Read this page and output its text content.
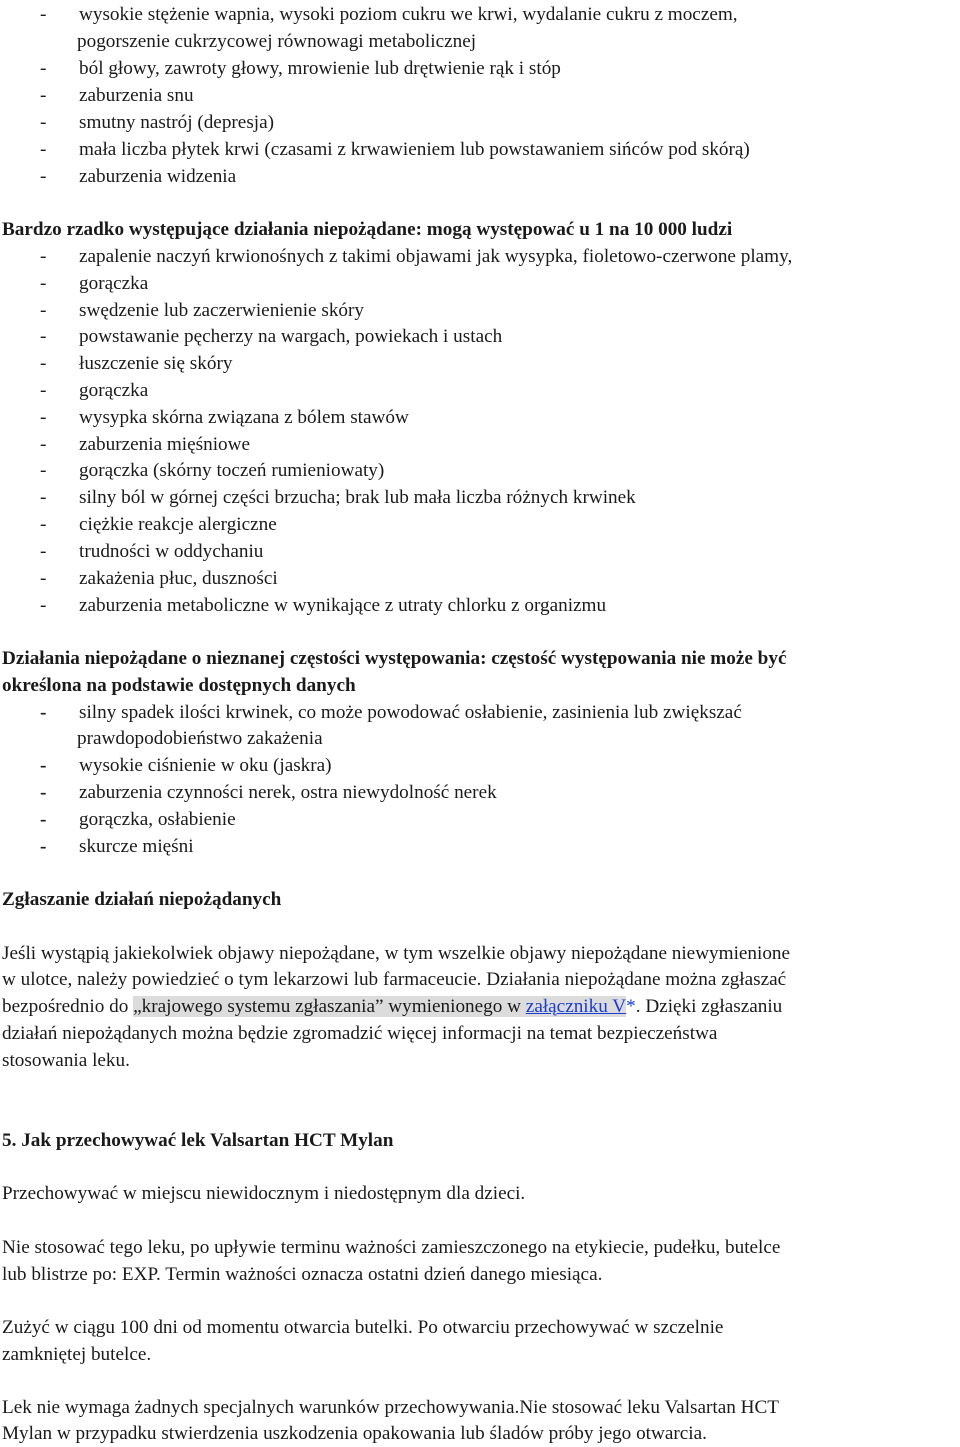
- wysokie stężenie wapnia, wysoki poziom cukru we krwi, wydalanie cukru z moczem,
pogorszenie cukrzycowej równowagi metabolicznej
- ból głowy, zawroty głowy, mrowienie lub drętwienie rąk i stóp
- zaburzenia snu
- smutny nastrój (depresja)
- mała liczba płytek krwi (czasami z krwawieniem lub powstawaniem sińców pod skórą)
- zaburzenia widzenia
Bardzo rzadko występujące działania niepożądane: mogą występować u 1 na 10 000 ludzi
- zapalenie naczyń krwionośnych z takimi objawami jak wysypka, fioletowo-czerwone plamy,
- gorączka
- swędzenie lub zaczerwienienie skóry
- powstawanie pęcherzy na wargach, powiekach i ustach
- łuszczenie się skóry
- gorączka
- wysypka skórna związana z bólem stawów
- zaburzenia mięśniowe
- gorączka (skórny toczeń rumieniowaty)
- silny ból w górnej części brzucha; brak lub mała liczba różnych krwinek
- ciężkie reakcje alergiczne
- trudności w oddychaniu
- zakażenia płuc, duszności
- zaburzenia metaboliczne w wynikające z utraty chlorku z organizmu
Działania niepożądane o nieznanej częstości występowania: częstość występowania nie może być
określona na podstawie dostępnych danych
- silny spadek ilości krwinek, co może powodować osłabienie, zasinienia lub zwiększać
prawdopodobieństwo zakażenia
- wysokie ciśnienie w oku (jaskra)
- zaburzenia czynności nerek, ostra niewydolność nerek
- gorączka, osłabienie
- skurcze mięśni
Zgłaszanie działań niepożądanych
Jeśli wystąpią jakiekolwiek objawy niepożądane, w tym wszelkie objawy niepożądane niewymienione
w ulotce, należy powiedzieć o tym lekarzowi lub farmaceucie. Działania niepożądane można zgłaszać
bezpośrednio do „krajowego systemu zgłaszania” wymienionego w załączniku V*. Dzięki zgłaszaniu
działań niepożądanych można będzie zgromadzić więcej informacji na temat bezpieczeństwa
stosowania leku.
5. Jak przechowywać lek Valsartan HCT Mylan
Przechowywać w miejscu niewidocznym i niedostępnym dla dzieci.
Nie stosować tego leku, po upływie terminu ważności zamieszczonego na etykiecie, pudełku, butelce
lub blistrze po: EXP. Termin ważności oznacza ostatni dzień danego miesiąca.
Zużyć w ciągu 100 dni od momentu otwarcia butelki. Po otwarciu przechowywać w szczelnie
zamkniętej butelce.
Lek nie wymaga żadnych specjalnych warunków przechowywania.Nie stosować leku Valsartan HCT
Mylan w przypadku stwierdzenia uszkodzenia opakowania lub śladów próby jego otwarcia.
